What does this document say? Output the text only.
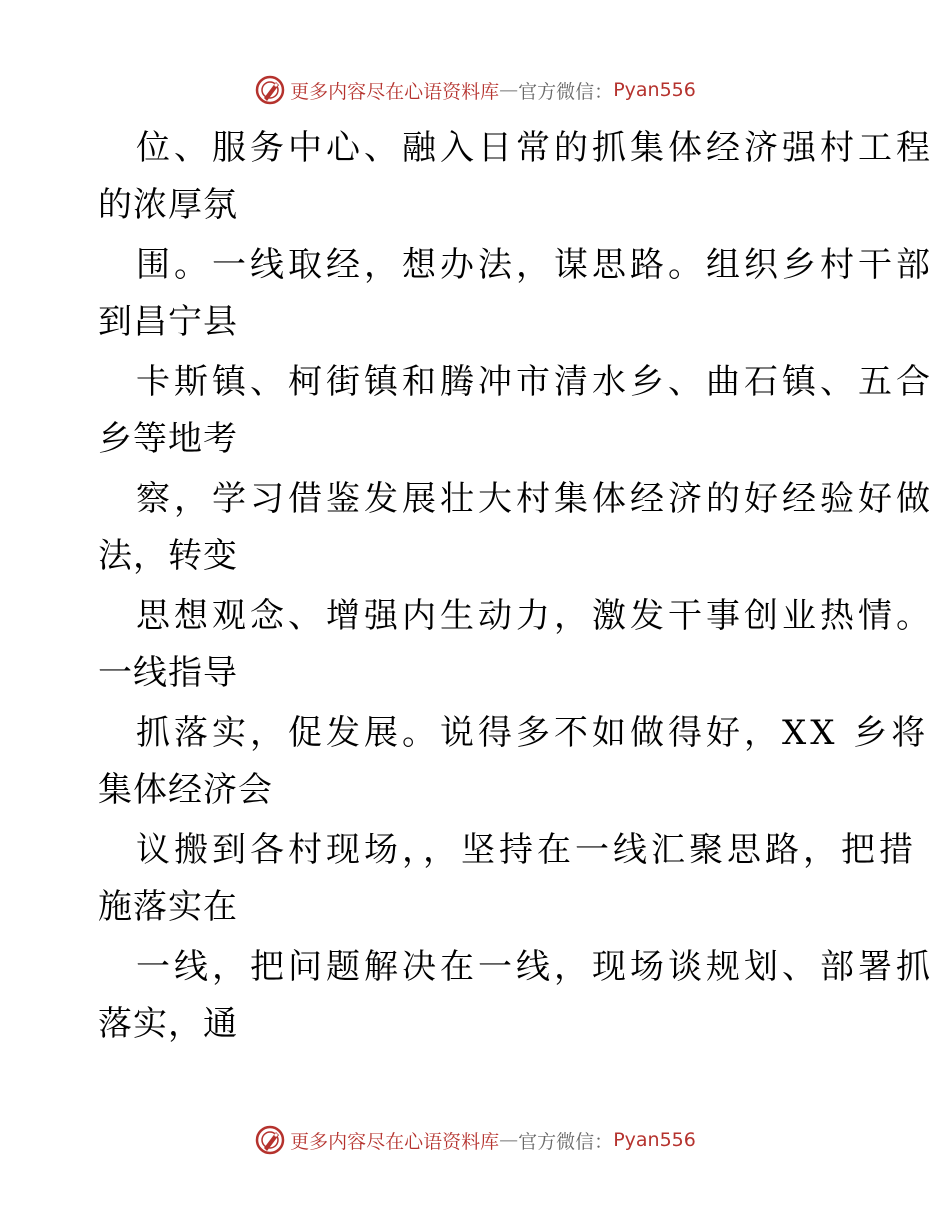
更多内容尽在心语资料库 — 官方微信： Pyan556
位、服务中心、融入日常的抓集体经济强村工程
的浓厚氛
围。一线取经，想办法，谋思路。组织乡村干部
到昌宁县
卡斯镇、柯街镇和腾冲市清水乡、曲石镇、五合
乡等地考
察，学习借鉴发展壮大村集体经济的好经验好做
法，转变
思想观念、增强内生动力，激发干事创业热情。
一线指导
抓落实，促发展。说得多不如做得好，XX 乡将
集体经济会
议搬到各村现场，，坚持在一线汇聚思路，把措
施落实在
一线，把问题解决在一线，现场谈规划、部署抓
落实，通
更多内容尽在心语资料库 — 官方微信： Pyan556
